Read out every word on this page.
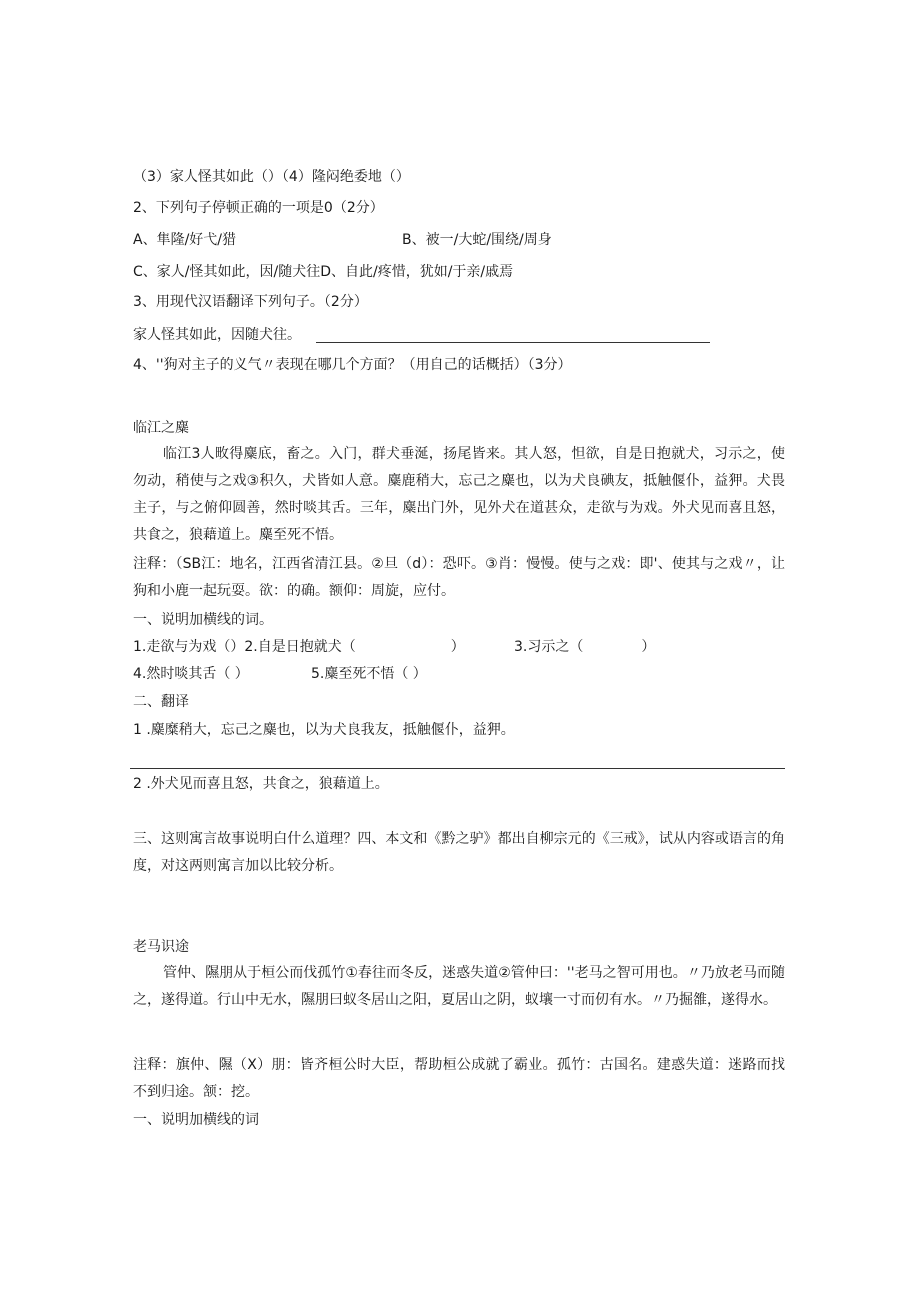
（3）家人怪其如此（）（4）隆闷绝委地（）
2、下列句子停顿正确的一项是0（2分）
A、隼隆/好弋/猎	B、被一/大蛇/围绕/周身
C、家人/怪其如此，因/随犬往D、自此/疼惜，犹如/于亲/戚焉
3、用现代汉语翻译下列句子。（2分）
家人怪其如此，因随犬往。
4、''狗对主子的义气〃表现在哪几个方面？（用自己的话概括）（3分）
临江之麋
临江3人畋得麋底，畜之。入门，群犬垂涎，扬尾皆来。其人怒，怛欲，自是日抱就犬，习示之，使勿动，稍使与之戏③积久，犬皆如人意。麋鹿稍大，忘己之麋也，以为犬良碘友，抵触偃仆，益狎。犬畏主子，与之俯仰圆善，然时啖其舌。三年，麋出门外，见外犬在道甚众，走欲与为戏。外犬见而喜且怒，共食之，狼藉道上。麋至死不悟。
注释：（SB江：地名，江西省清江县。②旦（d）：恐吓。③肖：慢慢。使与之戏：即'、使其与之戏〃，让狗和小鹿一起玩耍。欲：的确。额仰：周旋，应付。
一、说明加横线的词。
1.走欲与为戏（）2.自是日抱就犬（	）	3.习示之（	）
4.然时啖其舌（ ）	5.麋至死不悟（ ）
二、翻译
1 .麋糜稍大，忘己之麋也，以为犬良我友，抵触偃仆，益狎。
2 .外犬见而喜且怒，共食之，狼藉道上。
三、这则寓言故事说明白什么道理？四、本文和《黔之驴》都出自柳宗元的《三戒》，试从内容或语言的角度，对这两则寓言加以比较分析。
老马识途
管仲、隰朋从于桓公而伐孤竹①春往而冬反，迷惑失道②管仲曰：''老马之智可用也。〃乃放老马而随之，遂得道。行山中无水，隰朋曰蚁冬居山之阳，夏居山之阴，蚁壤一寸而仞有水。〃乃掘雒，遂得水。
注释：旗仲、隰（X）朋：皆齐桓公时大臣，帮助桓公成就了霸业。孤竹：古国名。建惑失道：迷路而找不到归途。颔：挖。
一、说明加横线的词
